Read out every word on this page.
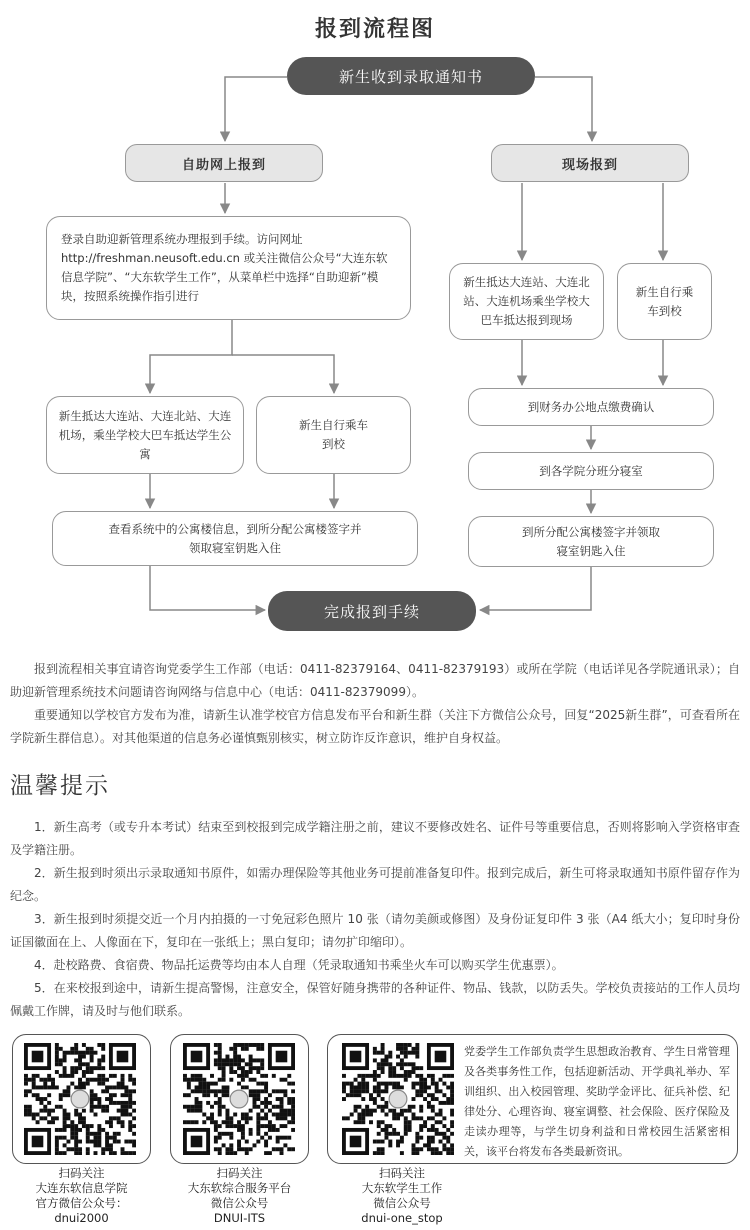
报到流程图
新生收到录取通知书
自助网上报到	现场报到
登录自助迎新管理系统办理报到手续。访问网址 http://freshman.neusoft.edu.cn 或关注微信公众号“大连东软信息学院”、“大东软学生工作”，从菜单栏中选择“自助迎新”模块，按照系统操作指引进行
新生抵达大连站、大连北站、大连机场，乘坐学校大巴车抵达学生公寓
新生自行乘车到校
查看系统中的公寓楼信息，到所分配公寓楼签字并领取寝室钥匙入住
新生抵达大连站、大连北站、大连机场乘坐学校大巴车抵达报到现场
新生自行乘车到校
到财务办公地点缴费确认
到各学院分班分寝室
到所分配公寓楼签字并领取寝室钥匙入住
完成报到手续

报到流程相关事宜请咨询党委学生工作部（电话：0411-82379164、0411-82379193）或所在学院（电话详见各学院通讯录）；自助迎新管理系统技术问题请咨询网络与信息中心（电话：0411-82379099）。

重要通知以学校官方发布为准，请新生认准学校官方信息发布平台和新生群（关注下方微信公众号，回复“2025新生群”，可查看所在学院新生群信息）。对其他渠道的信息务必谨慎甄别核实，树立防诈反诈意识，维护自身权益。

温馨提示

1．新生高考（或专升本考试）结束至到校报到完成学籍注册之前，建议不要修改姓名、证件号等重要信息，否则将影响入学资格审查及学籍注册。

2．新生报到时须出示录取通知书原件，如需办理保险等其他业务可提前准备复印件。报到完成后，新生可将录取通知书原件留存作为纪念。

3．新生报到时须提交近一个月内拍摄的一寸免冠彩色照片 10 张（请勿美颜或修图）及身份证复印件 3 张（A4 纸大小；复印时身份证国徽面在上、人像面在下，复印在一张纸上；黑白复印；请勿扩印缩印）。

4．赴校路费、食宿费、物品托运费等均由本人自理（凭录取通知书乘坐火车可以购买学生优惠票）。

5．在来校报到途中，请新生提高警惕，注意安全，保管好随身携带的各种证件、物品、钱款，以防丢失。学校负责接站的工作人员均佩戴工作牌，请及时与他们联系。

党委学生工作部负责学生思想政治教育、学生日常管理及各类事务性工作，包括迎新活动、开学典礼举办、军训组织、出入校园管理、奖助学金评比、征兵补偿、纪律处分、心理咨询、寝室调整、社会保险、医疗保险及走读办理等，与学生切身利益和日常校园生活紧密相关，该平台将发布各类最新资讯。
扫码关注
大连东软信息学院
官方微信公众号：
dnui2000
扫码关注
大东软综合服务平台
微信公众号
DNUI-ITS
扫码关注
大东软学生工作
微信公众号
dnui-one_stop
